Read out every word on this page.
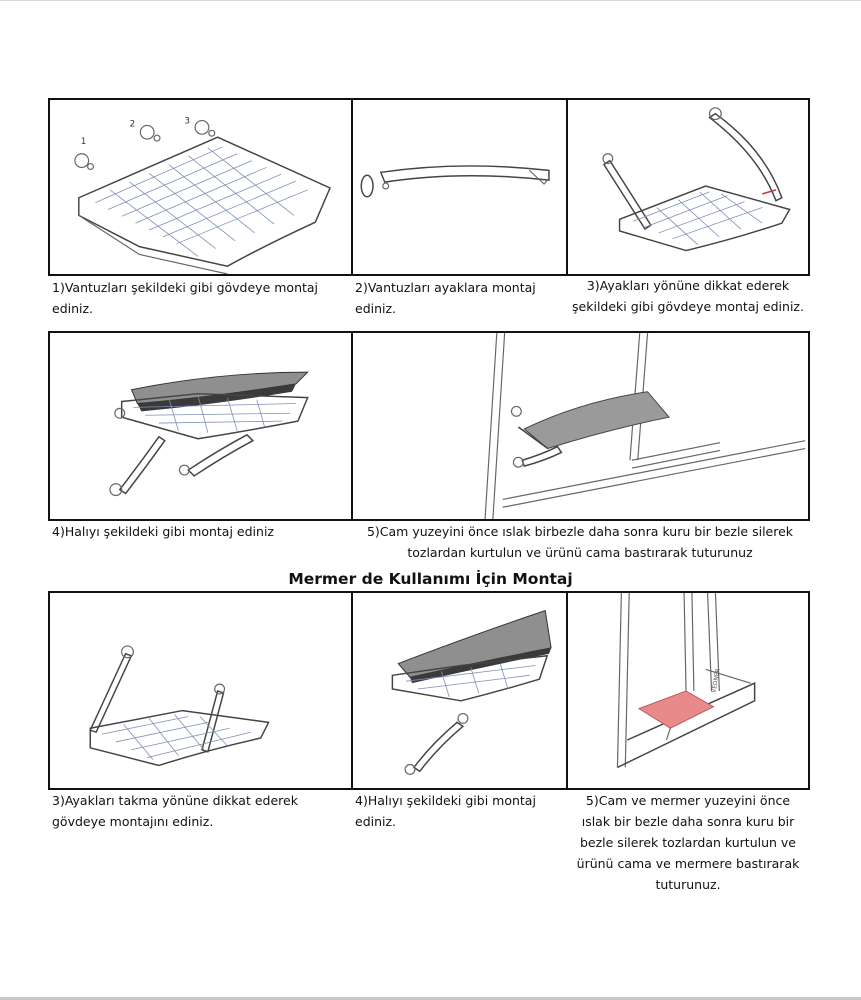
1
2	3

1)Vantuzları şekildeki gibi gövdeye montaj ediniz.

2)Vantuzları ayaklara montaj ediniz.

3)Ayakları yönüne dikkat ederek şekildeki gibi gövdeye montaj ediniz.

4)Halıyı şekildeki gibi montaj ediniz	5)Cam yuzeyini önce ıslak birbezle daha sonra kuru bir bezle silerek tozlardan kurtulun ve ürünü cama bastırarak tuturunuz

Mermer de Kullanımı İçin Montaj
VEDNER

3)Ayakları takma yönüne dikkat ederek gövdeye montajını ediniz.

4)Halıyı şekildeki gibi montaj ediniz.

5)Cam ve mermer yuzeyini önce ıslak bir bezle daha sonra kuru bir bezle silerek tozlardan kurtulun ve ürünü cama ve mermere bastırarak tuturunuz.
